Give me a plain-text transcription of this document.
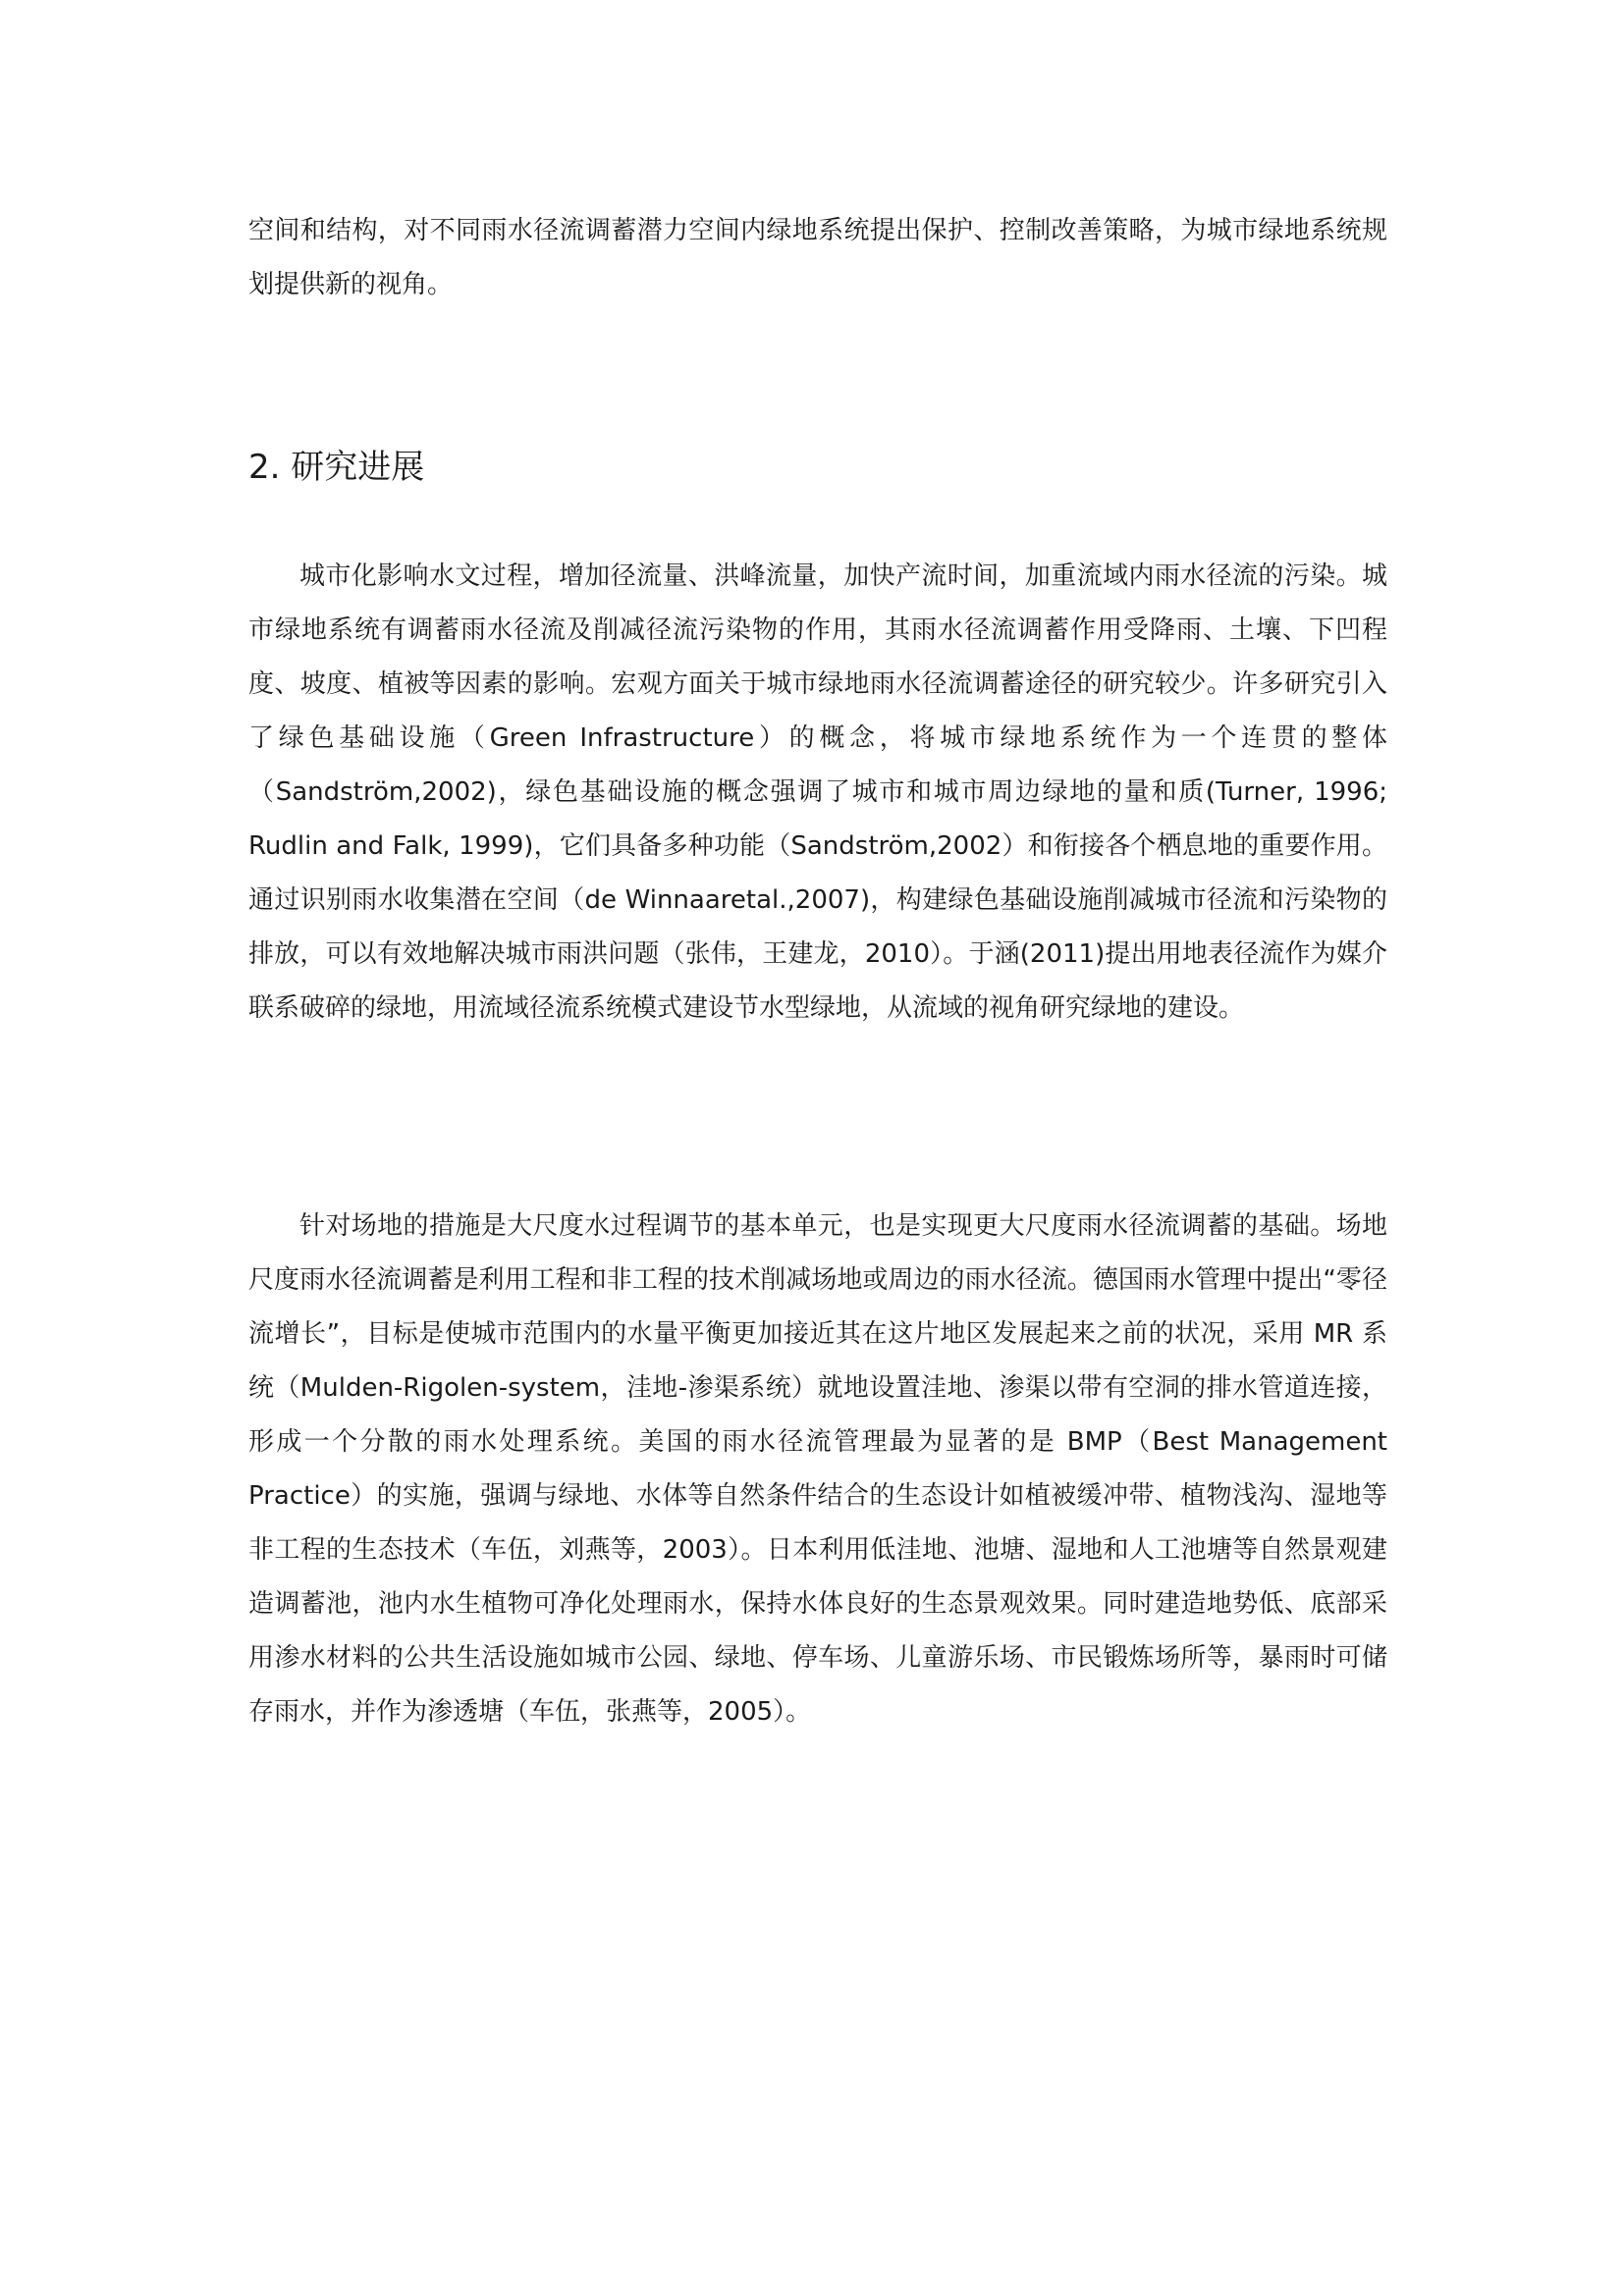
空间和结构，对不同雨水径流调蓄潜力空间内绿地系统提出保护、控制改善策略，为城市绿地系统规划提供新的视角。

2. 研究进展

城市化影响水文过程，增加径流量、洪峰流量，加快产流时间，加重流域内雨水径流的污染。城市绿地系统有调蓄雨水径流及削减径流污染物的作用，其雨水径流调蓄作用受降雨、土壤、下凹程度、坡度、植被等因素的影响。宏观方面关于城市绿地雨水径流调蓄途径的研究较少。许多研究引入了绿色基础设施（Green Infrastructure）的概念，将城市绿地系统作为一个连贯的整体（Sandström,2002)，绿色基础设施的概念强调了城市和城市周边绿地的量和质(Turner, 1996; Rudlin and Falk, 1999)，它们具备多种功能（Sandström,2002）和衔接各个栖息地的重要作用。通过识别雨水收集潜在空间（de Winnaaretal.,2007)，构建绿色基础设施削减城市径流和污染物的排放，可以有效地解决城市雨洪问题（张伟，王建龙，2010）。于涵(2011)提出用地表径流作为媒介联系破碎的绿地，用流域径流系统模式建设节水型绿地，从流域的视角研究绿地的建设。

针对场地的措施是大尺度水过程调节的基本单元，也是实现更大尺度雨水径流调蓄的基础。场地尺度雨水径流调蓄是利用工程和非工程的技术削减场地或周边的雨水径流。德国雨水管理中提出“零径流增长”，目标是使城市范围内的水量平衡更加接近其在这片地区发展起来之前的状况，采用 MR 系统（Mulden-Rigolen-system，洼地-渗渠系统）就地设置洼地、渗渠以带有空洞的排水管道连接，形成一个分散的雨水处理系统。美国的雨水径流管理最为显著的是 BMP（Best Management Practice）的实施，强调与绿地、水体等自然条件结合的生态设计如植被缓冲带、植物浅沟、湿地等非工程的生态技术（车伍，刘燕等，2003）。日本利用低洼地、池塘、湿地和人工池塘等自然景观建造调蓄池，池内水生植物可净化处理雨水，保持水体良好的生态景观效果。同时建造地势低、底部采用渗水材料的公共生活设施如城市公园、绿地、停车场、儿童游乐场、市民锻炼场所等，暴雨时可储存雨水，并作为渗透塘（车伍，张燕等，2005）。
